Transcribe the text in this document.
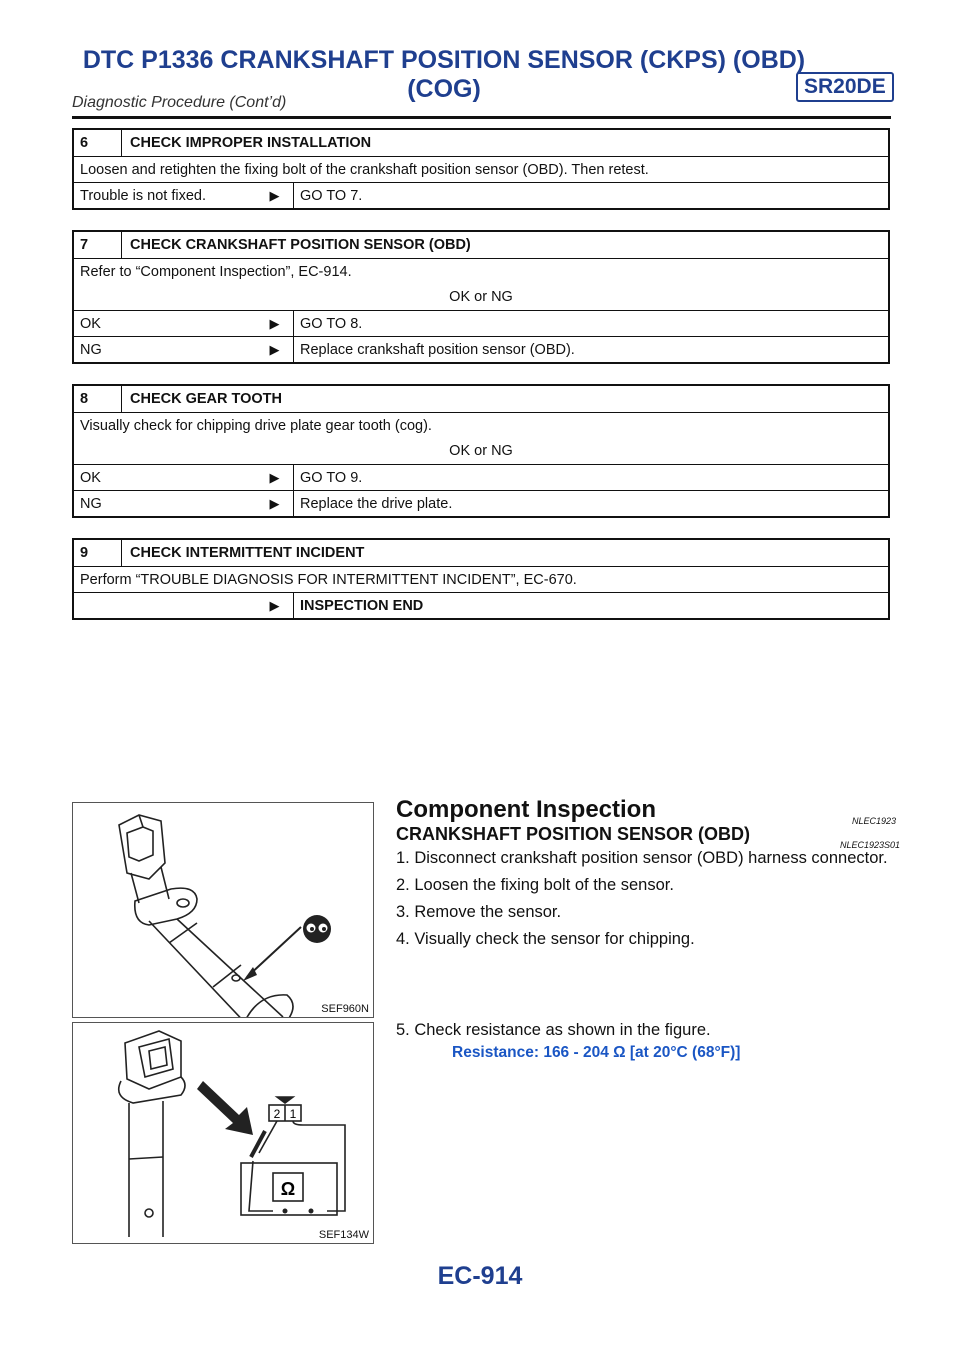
DTC P1336 CRANKSHAFT POSITION SENSOR (CKPS) (OBD)
(COG)	SR20DE
Diagnostic Procedure (Cont’d)
6	CHECK IMPROPER INSTALLATION
Loosen and retighten the fixing bolt of the crankshaft position sensor (OBD). Then retest.
Trouble is not fixed.	▶	GO TO 7.
7	CHECK CRANKSHAFT POSITION SENSOR (OBD)
Refer to “Component Inspection”, EC-914.
OK or NG
OK	▶	GO TO 8.
NG	▶	Replace crankshaft position sensor (OBD).
8	CHECK GEAR TOOTH
Visually check for chipping drive plate gear tooth (cog).
OK or NG
OK	▶	GO TO 9.
NG	▶	Replace the drive plate.
9	CHECK INTERMITTENT INCIDENT
Perform “TROUBLE DIAGNOSIS FOR INTERMITTENT INCIDENT”, EC-670.
▶	INSPECTION END
SEF960N
2 1
Ω
SEF134W
Component Inspection	NLEC1923
CRANKSHAFT POSITION SENSOR (OBD)
NLEC1923S01

1. Disconnect crankshaft position sensor (OBD) harness connector.

2. Loosen the fixing bolt of the sensor.

3. Remove the sensor.

4. Visually check the sensor for chipping.

5. Check resistance as shown in the figure.

Resistance: 166 - 204 Ω [at 20°C (68°F)]
EC-914
